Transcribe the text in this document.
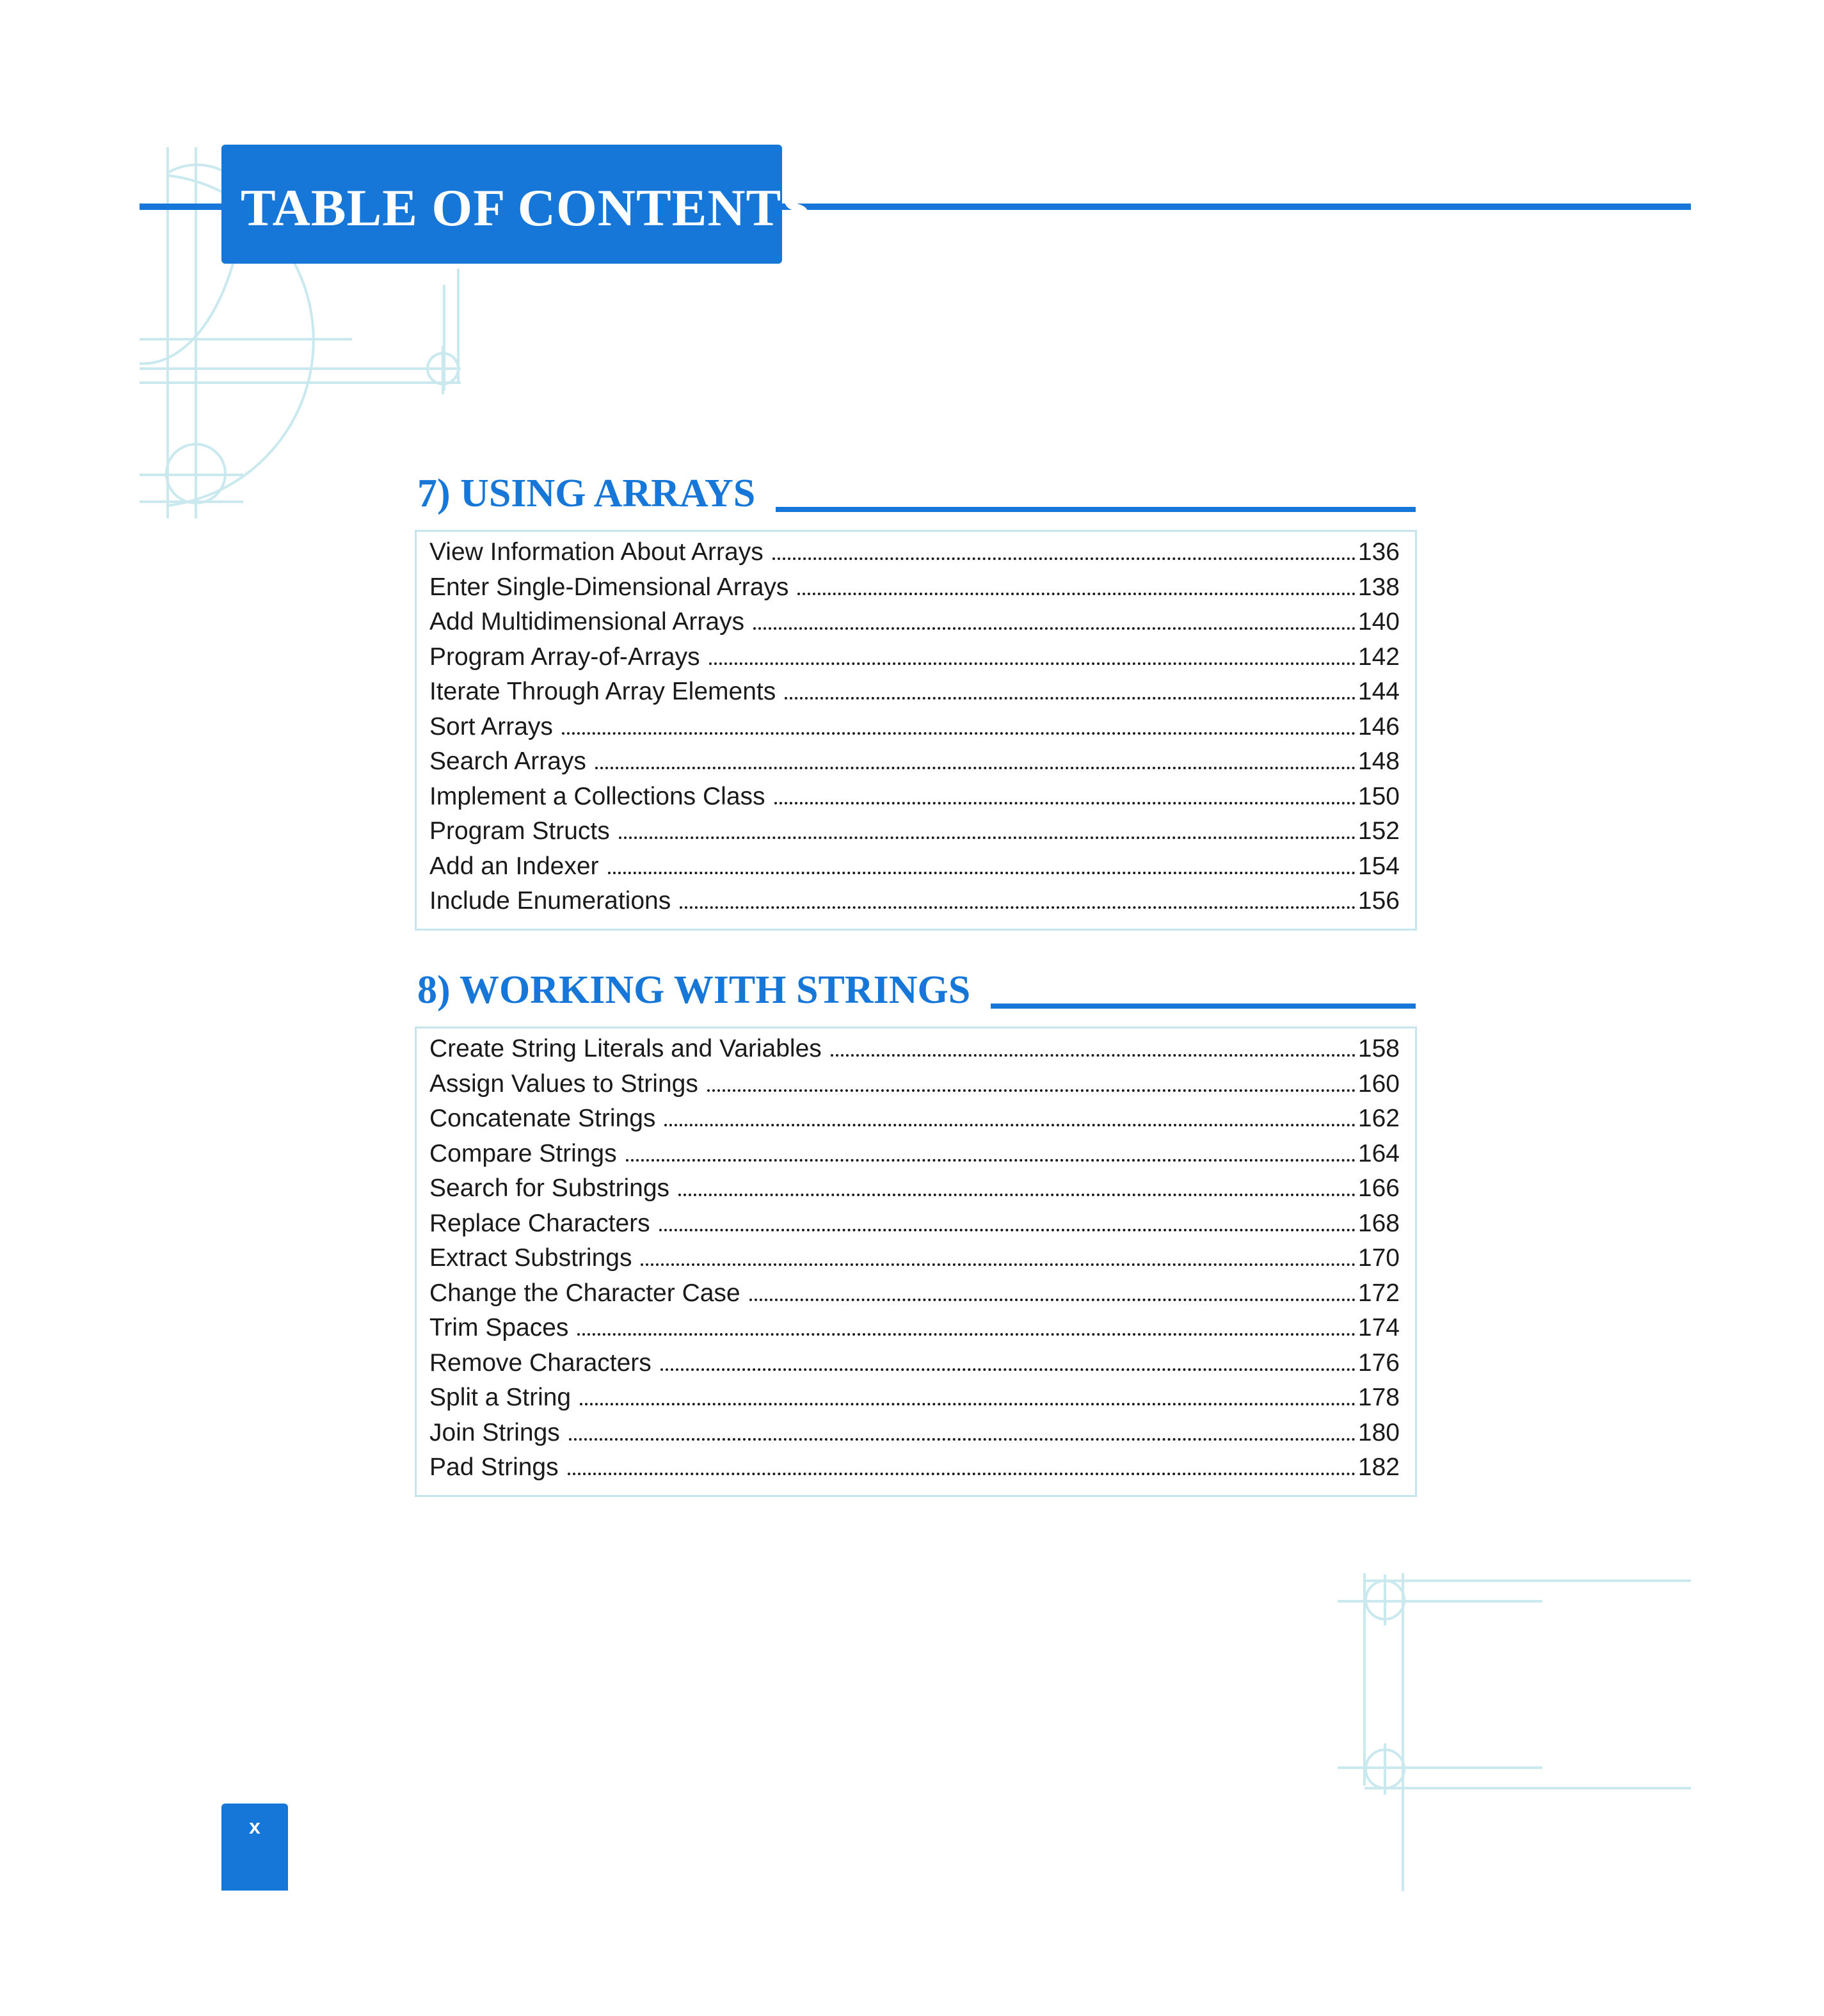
TABLE OF CONTENTS
7) USING ARRAYS
View Information About Arrays	136
Enter Single-Dimensional Arrays	138
Add Multidimensional Arrays	140
Program Array-of-Arrays	142
Iterate Through Array Elements	144
Sort Arrays	146
Search Arrays	148
Implement a Collections Class	150
Program Structs	152
Add an Indexer	154
Include Enumerations	156
8) WORKING WITH STRINGS
Create String Literals and Variables	158
Assign Values to Strings	160
Concatenate Strings	162
Compare Strings	164
Search for Substrings	166
Replace Characters	168
Extract Substrings	170
Change the Character Case	172
Trim Spaces	174
Remove Characters	176
Split a String	178
Join Strings	180
Pad Strings	182
x
